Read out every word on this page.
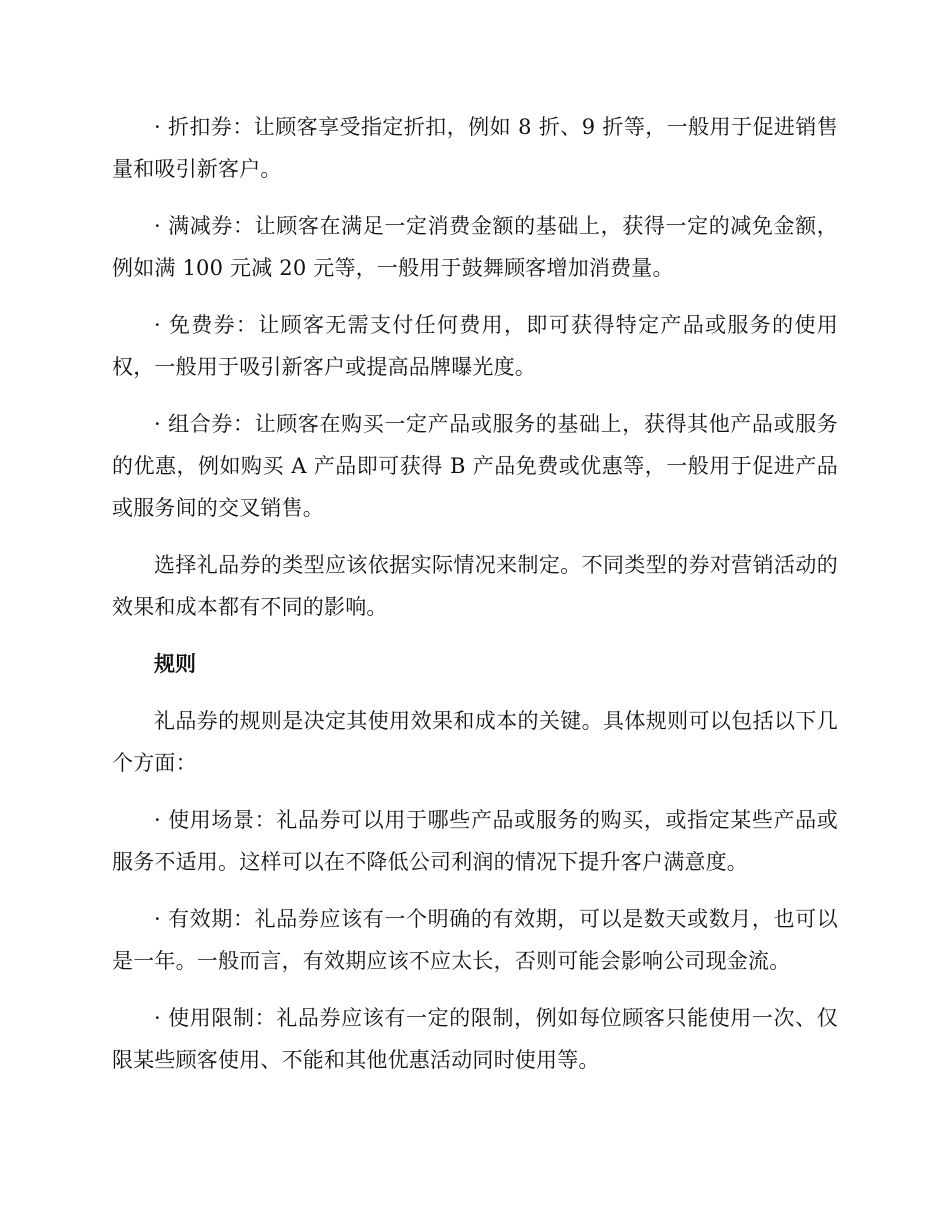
· 折扣券：让顾客享受指定折扣，例如 8 折、9 折等，一般用于促进销售量和吸引新客户。

· 满减券：让顾客在满足一定消费金额的基础上，获得一定的减免金额，例如满 100 元减 20 元等，一般用于鼓舞顾客增加消费量。

· 免费券：让顾客无需支付任何费用，即可获得特定产品或服务的使用权，一般用于吸引新客户或提高品牌曝光度。

· 组合券：让顾客在购买一定产品或服务的基础上，获得其他产品或服务的优惠，例如购买 A 产品即可获得 B 产品免费或优惠等，一般用于促进产品或服务间的交叉销售。

选择礼品券的类型应该依据实际情况来制定。不同类型的券对营销活动的效果和成本都有不同的影响。

规则

礼品券的规则是决定其使用效果和成本的关键。具体规则可以包括以下几个方面：

· 使用场景：礼品券可以用于哪些产品或服务的购买，或指定某些产品或服务不适用。这样可以在不降低公司利润的情况下提升客户满意度。

· 有效期：礼品券应该有一个明确的有效期，可以是数天或数月，也可以是一年。一般而言，有效期应该不应太长，否则可能会影响公司现金流。

· 使用限制：礼品券应该有一定的限制，例如每位顾客只能使用一次、仅限某些顾客使用、不能和其他优惠活动同时使用等。
